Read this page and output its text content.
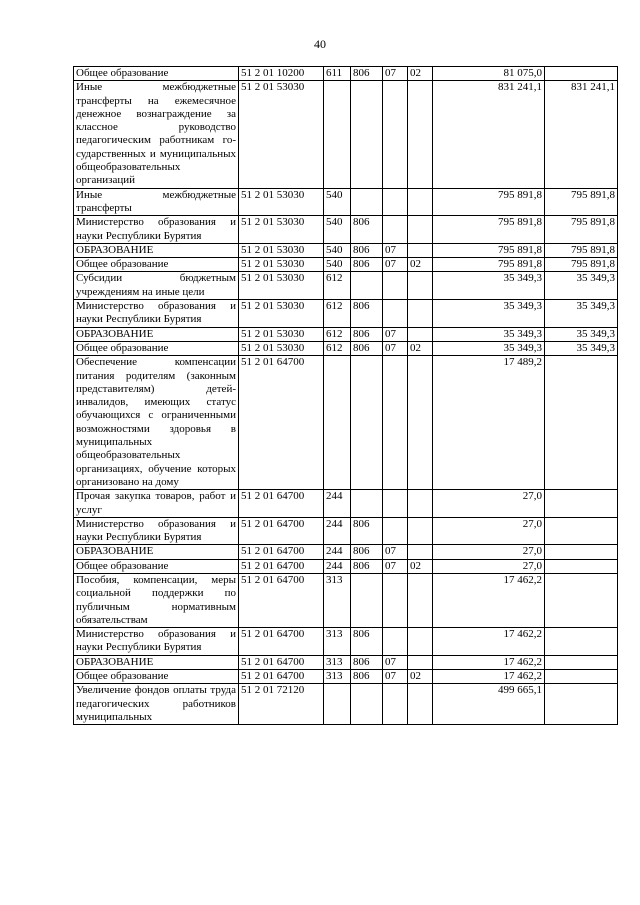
40
Общее образование	51 2 01 10200	611	806	07	02	81 075,0	
Иные межбюджетные трансферты на ежемесячное денежное вознаграждение за классное руководство педагогическим работникам го-сударственных и муниципальных общеобразовательных организаций	51 2 01 53030					831 241,1	831 241,1
Иные межбюджетные трансферты	51 2 01 53030	540				795 891,8	795 891,8
Министерство образования и науки Республики Бурятия	51 2 01 53030	540	806			795 891,8	795 891,8
ОБРАЗОВАНИЕ	51 2 01 53030	540	806	07		795 891,8	795 891,8
Общее образование	51 2 01 53030	540	806	07	02	795 891,8	795 891,8
Субсидии бюджетным учреждениям на иные цели	51 2 01 53030	612				35 349,3	35 349,3
Министерство образования и науки Республики Бурятия	51 2 01 53030	612	806			35 349,3	35 349,3
ОБРАЗОВАНИЕ	51 2 01 53030	612	806	07		35 349,3	35 349,3
Общее образование	51 2 01 53030	612	806	07	02	35 349,3	35 349,3
Обеспечение компенсации питания родителям (законным представителям) детей-инвалидов, имеющих статус обучающихся с ограниченными возможностями здоровья в муниципальных общеобразовательных организациях, обучение которых организовано на дому	51 2 01 64700					17 489,2	
Прочая закупка товаров, работ и услуг	51 2 01 64700	244				27,0	
Министерство образования и науки Республики Бурятия	51 2 01 64700	244	806			27,0	
ОБРАЗОВАНИЕ	51 2 01 64700	244	806	07		27,0	
Общее образование	51 2 01 64700	244	806	07	02	27,0	
Пособия, компенсации, меры социальной поддержки по публичным нормативным обязательствам	51 2 01 64700	313				17 462,2	
Министерство образования и науки Республики Бурятия	51 2 01 64700	313	806			17 462,2	
ОБРАЗОВАНИЕ	51 2 01 64700	313	806	07		17 462,2	
Общее образование	51 2 01 64700	313	806	07	02	17 462,2	
Увеличение фондов оплаты труда педагогических работников муниципальных	51 2 01 72120					499 665,1	
